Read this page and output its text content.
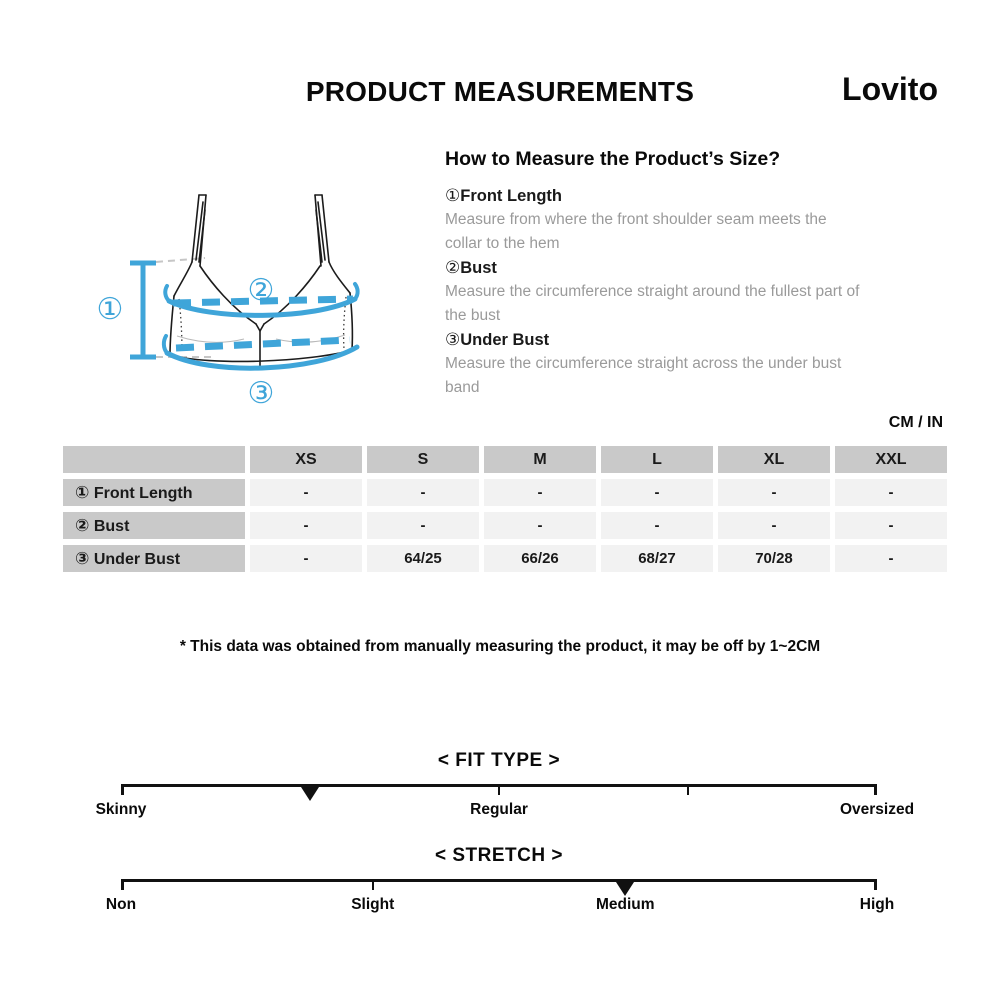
PRODUCT MEASUREMENTS	Lovito
①
②
③
How to Measure the Product’s Size?
①Front Length
Measure from where the front shoulder seam meets the
collar to the hem
②Bust
Measure the circumference straight around the fullest part of
the bust
③Under Bust
Measure the circumference straight across the under bust
band
CM / IN
	XS	S	M	L	XL	XXL
① Front Length	-	-	-	-	-	-
② Bust	-	-	-	-	-	-
③ Under Bust	-	64/25	66/26	68/27	70/28	-
* This data was obtained from manually measuring the product, it may be off by 1~2CM
< FIT TYPE >
Skinny	Regular	Oversized
< STRETCH >
Non	Slight	Medium	High
